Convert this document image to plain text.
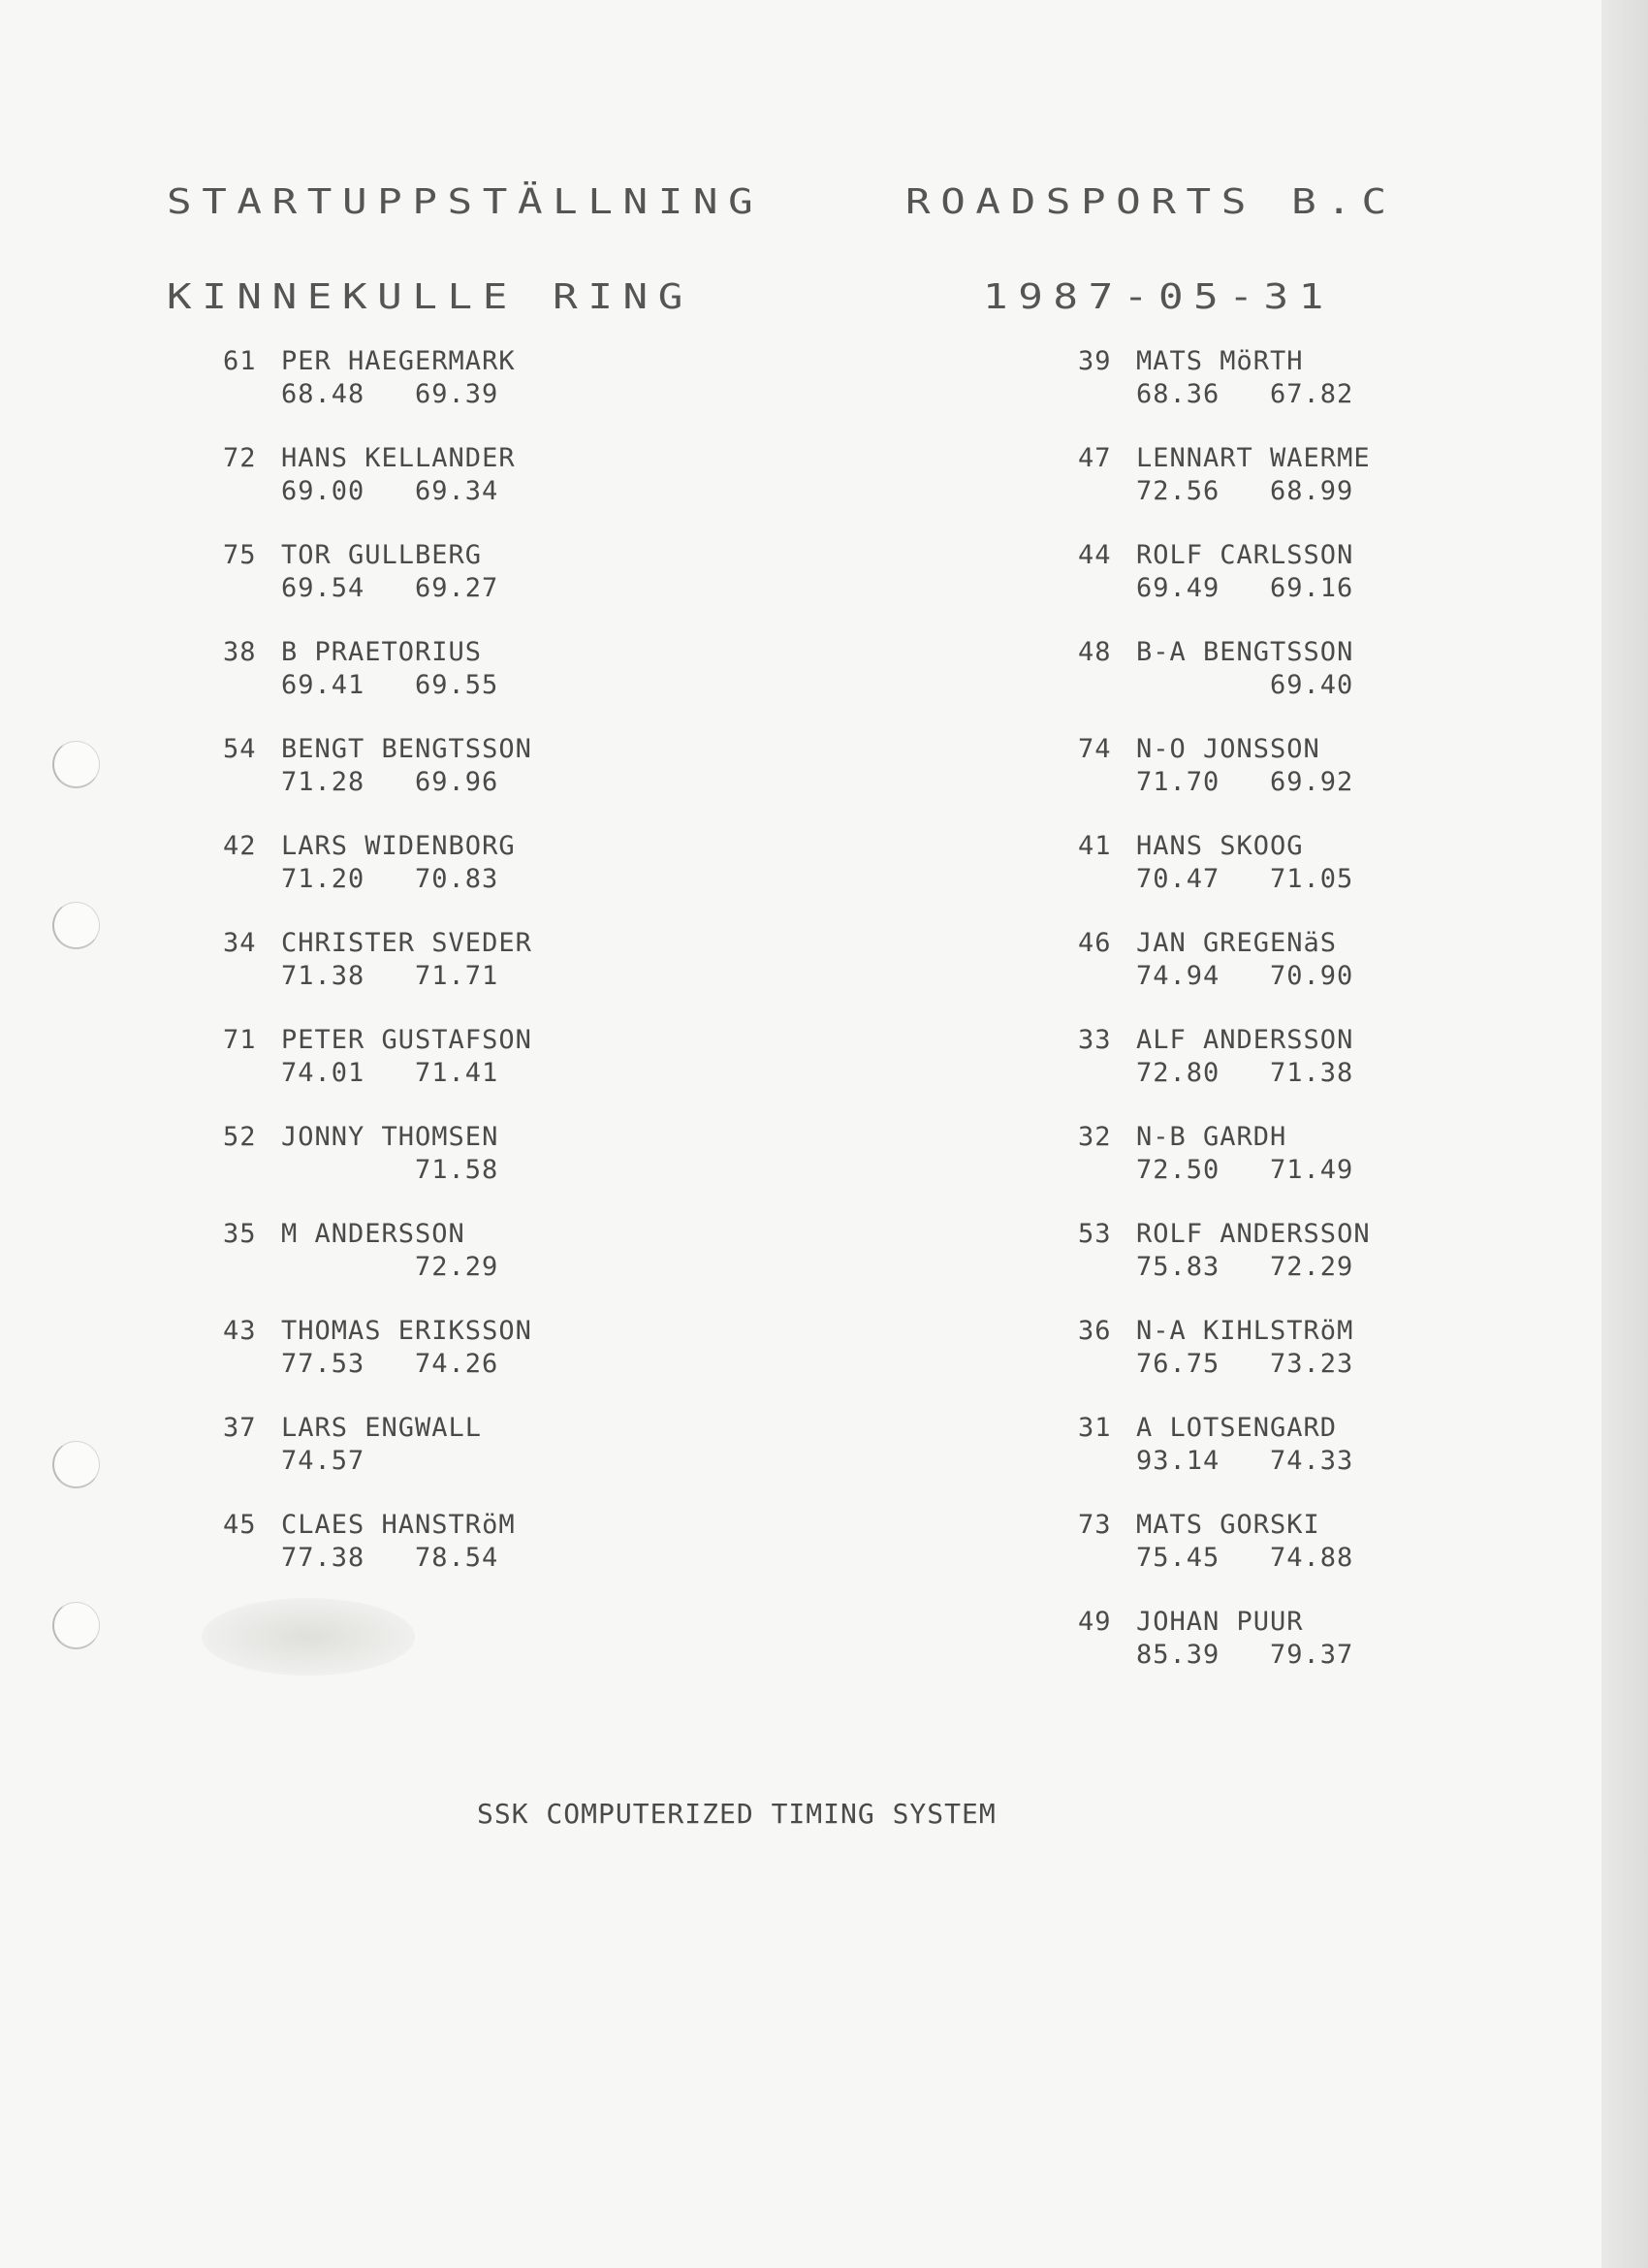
STARTUPPSTÄLLNING	ROADSPORTS B.C
KINNEKULLE RING	1987-05-31
61 PER HAEGERMARK
68.48 69.39
72 HANS KELLANDER
69.00 69.34
75 TOR GULLBERG
69.54 69.27
38 B PRAETORIUS
69.41 69.55
54 BENGT BENGTSSON
71.28 69.96
42 LARS WIDENBORG
71.20 70.83
34 CHRISTER SVEDER
71.38 71.71
71 PETER GUSTAFSON
74.01 71.41
52 JONNY THOMSEN
71.58
35 M ANDERSSON
72.29
43 THOMAS ERIKSSON
77.53 74.26
37 LARS ENGWALL
74.57
45 CLAES HANSTRöM
77.38 78.54
39 MATS MöRTH
68.36 67.82
47 LENNART WAERME
72.56 68.99
44 ROLF CARLSSON
69.49 69.16
48 B-A BENGTSSON
69.40
74 N-O JONSSON
71.70 69.92
41 HANS SKOOG
70.47 71.05
46 JAN GREGENäS
74.94 70.90
33 ALF ANDERSSON
72.80 71.38
32 N-B GARDH
72.50 71.49
53 ROLF ANDERSSON
75.83 72.29
36 N-A KIHLSTRöM
76.75 73.23
31 A LOTSENGARD
93.14 74.33
73 MATS GORSKI
75.45 74.88
49 JOHAN PUUR
85.39 79.37
SSK COMPUTERIZED TIMING SYSTEM
